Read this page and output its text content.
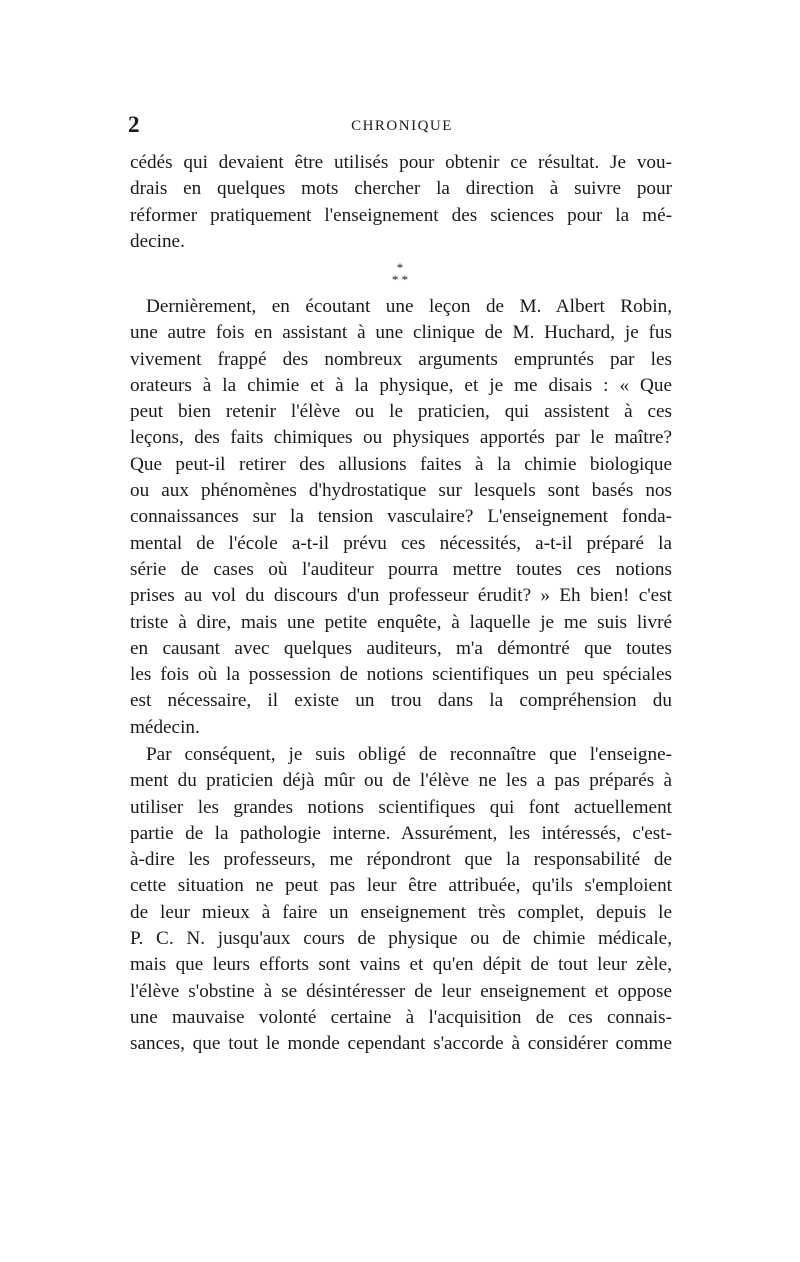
2	CHRONIQUE
cédés qui devaient être utilisés pour obtenir ce résultat. Je vou-
drais en quelques mots chercher la direction à suivre pour
réformer pratiquement l'enseignement des sciences pour la mé-
decine.
*
* *
Dernièrement, en écoutant une leçon de M. Albert Robin,
une autre fois en assistant à une clinique de M. Huchard, je fus
vivement frappé des nombreux arguments empruntés par les
orateurs à la chimie et à la physique, et je me disais : « Que
peut bien retenir l'élève ou le praticien, qui assistent à ces
leçons, des faits chimiques ou physiques apportés par le maître?
Que peut-il retirer des allusions faites à la chimie biologique
ou aux phénomènes d'hydrostatique sur lesquels sont basés nos
connaissances sur la tension vasculaire? L'enseignement fonda-
mental de l'école a-t-il prévu ces nécessités, a-t-il préparé la
série de cases où l'auditeur pourra mettre toutes ces notions
prises au vol du discours d'un professeur érudit? » Eh bien! c'est
triste à dire, mais une petite enquête, à laquelle je me suis livré
en causant avec quelques auditeurs, m'a démontré que toutes
les fois où la possession de notions scientifiques un peu spéciales
est nécessaire, il existe un trou dans la compréhension du
médecin.
Par conséquent, je suis obligé de reconnaître que l'enseigne-
ment du praticien déjà mûr ou de l'élève ne les a pas préparés à
utiliser les grandes notions scientifiques qui font actuellement
partie de la pathologie interne. Assurément, les intéressés, c'est-
à-dire les professeurs, me répondront que la responsabilité de
cette situation ne peut pas leur être attribuée, qu'ils s'emploient
de leur mieux à faire un enseignement très complet, depuis le
P. C. N. jusqu'aux cours de physique ou de chimie médicale,
mais que leurs efforts sont vains et qu'en dépit de tout leur zèle,
l'élève s'obstine à se désintéresser de leur enseignement et oppose
une mauvaise volonté certaine à l'acquisition de ces connais-
sances, que tout le monde cependant s'accorde à considérer comme
